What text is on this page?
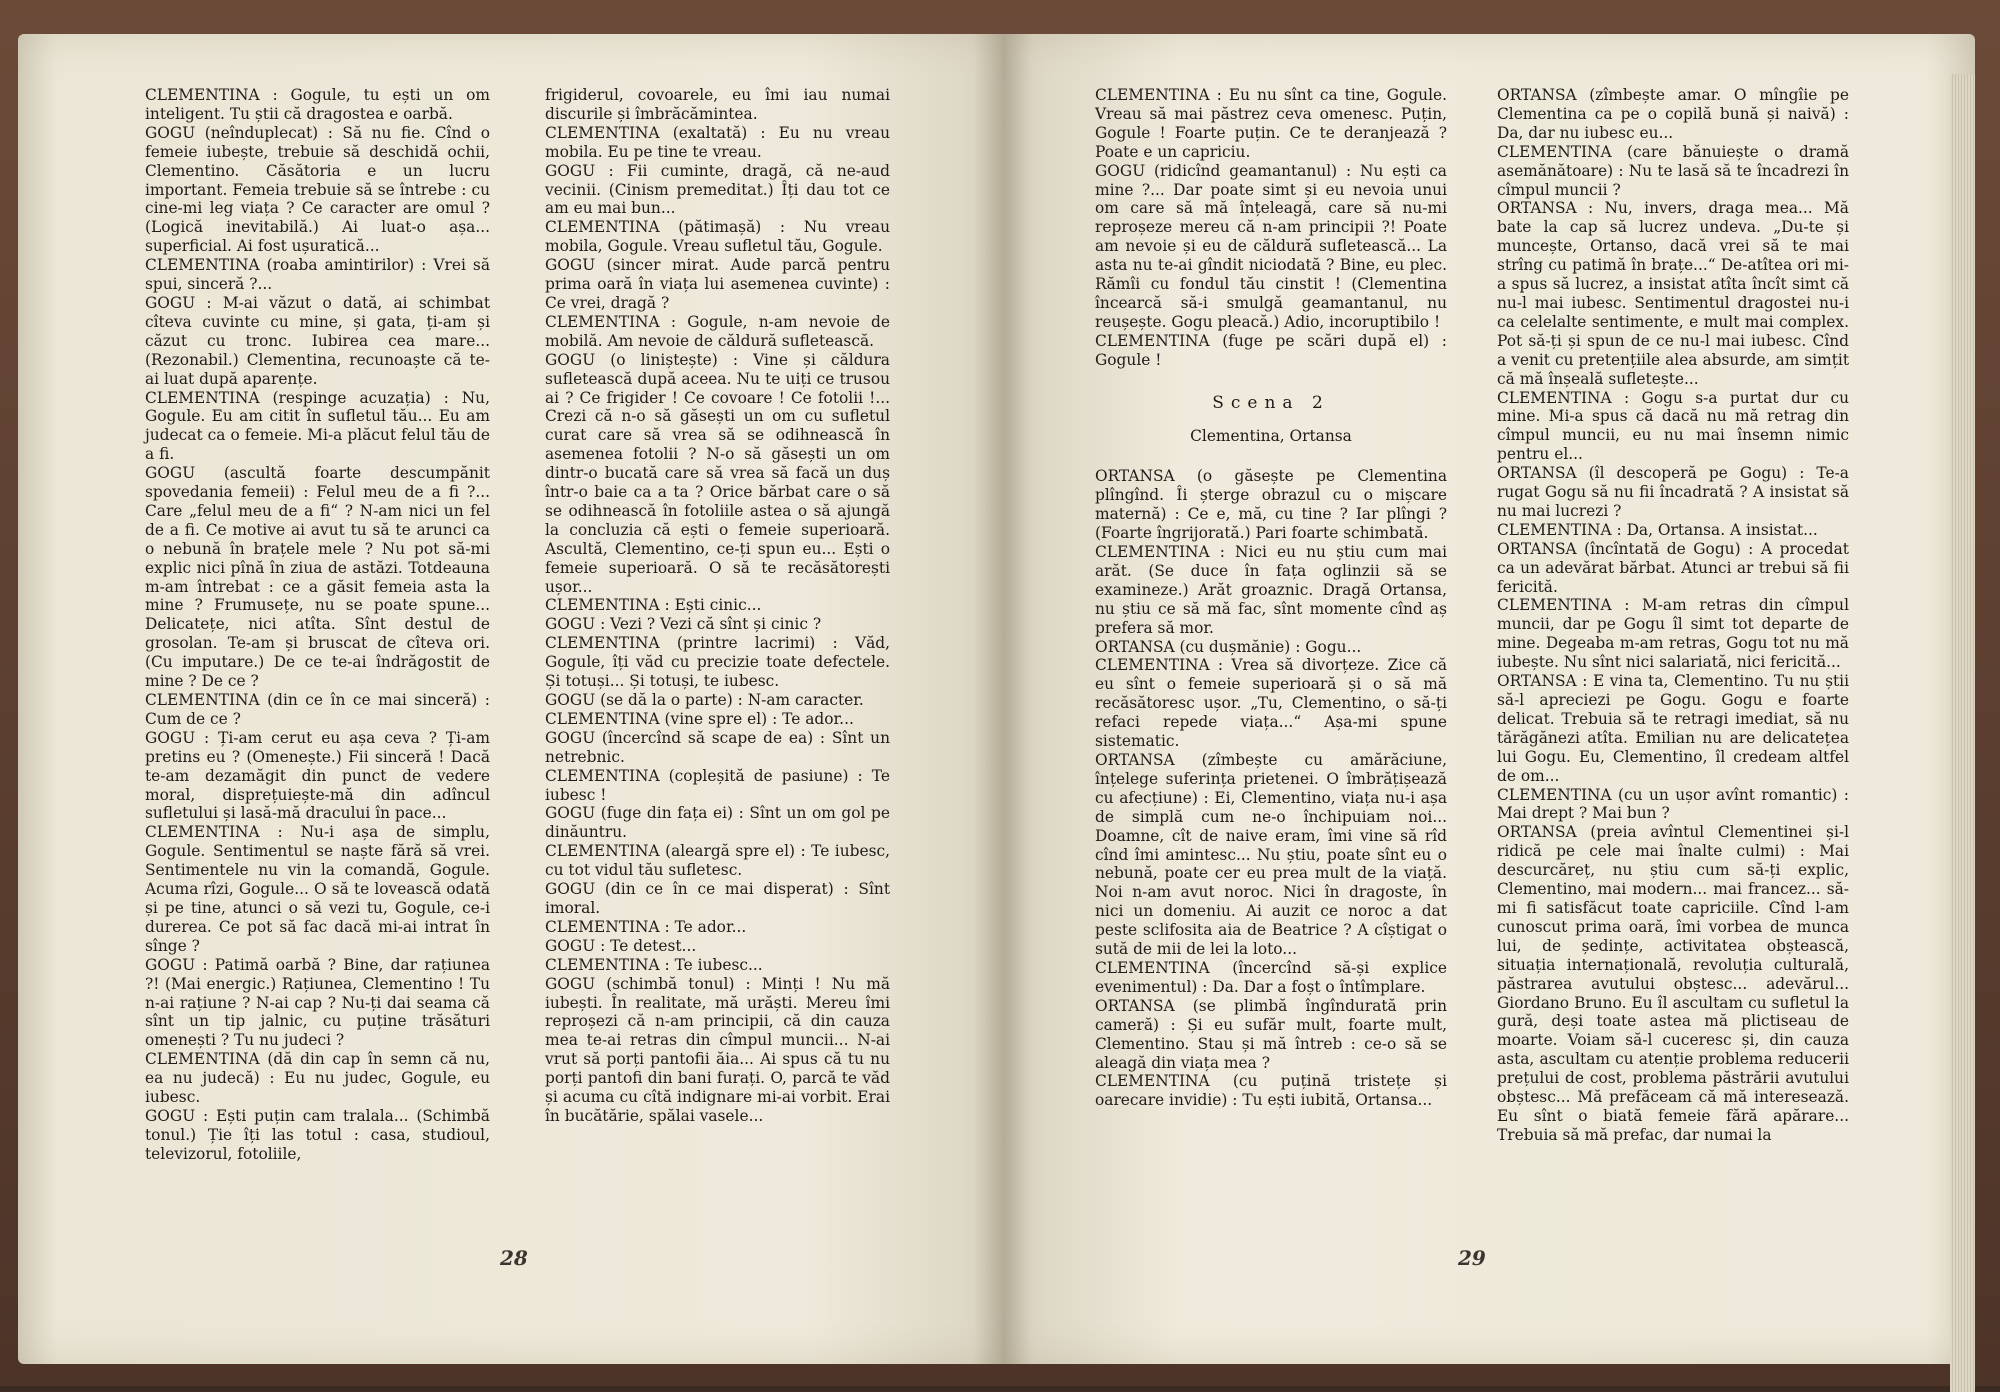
CLEMENTINA : Gogule, tu ești un om inteligent. Tu știi că dragostea e oarbă.

GOGU (neînduplecat) : Să nu fie. Cînd o femeie iubește, trebuie să deschidă ochii, Clementino. Căsătoria e un lucru important. Femeia trebuie să se întrebe : cu cine-mi leg viața ? Ce caracter are omul ? (Logică inevitabilă.) Ai luat-o așa... superficial. Ai fost ușuratică...

CLEMENTINA (roaba amintirilor) : Vrei să spui, sinceră ?...

GOGU : M-ai văzut o dată, ai schimbat cîteva cuvinte cu mine, și gata, ți-am și căzut cu tronc. Iubirea cea mare... (Rezonabil.) Clementina, recunoaște că te-ai luat după aparențe.

CLEMENTINA (respinge acuzația) : Nu, Gogule. Eu am citit în sufletul tău... Eu am judecat ca o femeie. Mi-a plăcut felul tău de a fi.

GOGU (ascultă foarte descumpănit spovedania femeii) : Felul meu de a fi ?... Care „felul meu de a fi“ ? N-am nici un fel de a fi. Ce motive ai avut tu să te arunci ca o nebună în brațele mele ? Nu pot să-mi explic nici pînă în ziua de astăzi. Totdeauna m-am întrebat : ce a găsit femeia asta la mine ? Frumusețe, nu se poate spune... Delicatețe, nici atîta. Sînt destul de grosolan. Te-am și bruscat de cîteva ori. (Cu imputare.) De ce te-ai îndrăgostit de mine ? De ce ?

CLEMENTINA (din ce în ce mai sinceră) : Cum de ce ?

GOGU : Ți-am cerut eu așa ceva ? Ți-am pretins eu ? (Omenește.) Fii sinceră ! Dacă te-am dezamăgit din punct de vedere moral, disprețuiește-mă din adîncul sufletului și lasă-mă dracului în pace...

CLEMENTINA : Nu-i așa de simplu, Gogule. Sentimentul se naște fără să vrei. Sentimentele nu vin la comandă, Gogule. Acuma rîzi, Gogule... O să te lovească odată și pe tine, atunci o să vezi tu, Gogule, ce-i durerea. Ce pot să fac dacă mi-ai intrat în sînge ?

GOGU : Patimă oarbă ? Bine, dar rațiunea ?! (Mai energic.) Rațiunea, Clementino ! Tu n-ai rațiune ? N-ai cap ? Nu-ți dai seama că sînt un tip jalnic, cu puține trăsături omenești ? Tu nu judeci ?

CLEMENTINA (dă din cap în semn că nu, ea nu judecă) : Eu nu judec, Gogule, eu iubesc.

GOGU : Ești puțin cam tralala... (Schimbă tonul.) Ție îți las totul : casa, studioul, televizorul, fotoliile,

frigiderul, covoarele, eu îmi iau numai discurile și îmbrăcămintea.

CLEMENTINA (exaltată) : Eu nu vreau mobila. Eu pe tine te vreau.

GOGU : Fii cuminte, dragă, că ne-aud vecinii. (Cinism premeditat.) Îți dau tot ce am eu mai bun...

CLEMENTINA (pătimașă) : Nu vreau mobila, Gogule. Vreau sufletul tău, Gogule.

GOGU (sincer mirat. Aude parcă pentru prima oară în viața lui asemenea cuvinte) : Ce vrei, dragă ?

CLEMENTINA : Gogule, n-am nevoie de mobilă. Am nevoie de căldură sufletească.

GOGU (o liniștește) : Vine și căldura sufletească după aceea. Nu te uiți ce trusou ai ? Ce frigider ! Ce covoare ! Ce fotolii !... Crezi că n-o să găsești un om cu sufletul curat care să vrea să se odihnească în asemenea fotolii ? N-o să găsești un om dintr-o bucată care să vrea să facă un duș într-o baie ca a ta ? Orice bărbat care o să se odihnească în fotoliile astea o să ajungă la concluzia că ești o femeie superioară. Ascultă, Clementino, ce-ți spun eu... Ești o femeie superioară. O să te recăsătorești ușor...

CLEMENTINA : Ești cinic...

GOGU : Vezi ? Vezi că sînt și cinic ?

CLEMENTINA (printre lacrimi) : Văd, Gogule, îți văd cu precizie toate defectele. Și totuși... Și totuși, te iubesc.

GOGU (se dă la o parte) : N-am caracter.

CLEMENTINA (vine spre el) : Te ador...

GOGU (încercînd să scape de ea) : Sînt un netrebnic.

CLEMENTINA (copleșită de pasiune) : Te iubesc !

GOGU (fuge din fața ei) : Sînt un om gol pe dinăuntru.

CLEMENTINA (aleargă spre el) : Te iubesc, cu tot vidul tău sufletesc.

GOGU (din ce în ce mai disperat) : Sînt imoral.

CLEMENTINA : Te ador...

GOGU : Te detest...

CLEMENTINA : Te iubesc...

GOGU (schimbă tonul) : Minți ! Nu mă iubești. În realitate, mă urăști. Mereu îmi reproșezi că n-am principii, că din cauza mea te-ai retras din cîmpul muncii... N-ai vrut să porți pantofii ăia... Ai spus că tu nu porți pantofi din bani furați. O, parcă te văd și acuma cu cîtă indignare mi-ai vorbit. Erai în bucătărie, spălai vasele...

CLEMENTINA : Eu nu sînt ca tine, Gogule. Vreau să mai păstrez ceva omenesc. Puțin, Gogule ! Foarte puțin. Ce te deranjează ? Poate e un capriciu.

GOGU (ridicînd geamantanul) : Nu ești ca mine ?... Dar poate simt și eu nevoia unui om care să mă înțeleagă, care să nu-mi reproșeze mereu că n-am principii ?! Poate am nevoie și eu de căldură sufletească... La asta nu te-ai gîndit niciodată ? Bine, eu plec. Rămîi cu fondul tău cinstit ! (Clementina încearcă să-i smulgă geamantanul, nu reușește. Gogu pleacă.) Adio, incoruptibilo !

CLEMENTINA (fuge pe scări după el) : Gogule !

Scena 2
Clementina, Ortansa

ORTANSA (o găsește pe Clementina plîngînd. Îi șterge obrazul cu o mișcare maternă) : Ce e, mă, cu tine ? Iar plîngi ? (Foarte îngrijorată.) Pari foarte schimbată.

CLEMENTINA : Nici eu nu știu cum mai arăt. (Se duce în fața oglinzii să se examineze.) Arăt groaznic. Dragă Ortansa, nu știu ce să mă fac, sînt momente cînd aș prefera să mor.

ORTANSA (cu dușmănie) : Gogu...

CLEMENTINA : Vrea să divorțeze. Zice că eu sînt o femeie superioară și o să mă recăsătoresc ușor. „Tu, Clementino, o să-ți refaci repede viața...“ Așa-mi spune sistematic.

ORTANSA (zîmbește cu amărăciune, înțelege suferința prietenei. O îmbrățișează cu afecțiune) : Ei, Clementino, viața nu-i așa de simplă cum ne-o închipuiam noi... Doamne, cît de naive eram, îmi vine să rîd cînd îmi amintesc... Nu știu, poate sînt eu o nebună, poate cer eu prea mult de la viață. Noi n-am avut noroc. Nici în dragoste, în nici un domeniu. Ai auzit ce noroc a dat peste sclifosita aia de Beatrice ? A cîștigat o sută de mii de lei la loto...

CLEMENTINA (încercînd să-și explice evenimentul) : Da. Dar a foșt o întîmplare.

ORTANSA (se plimbă îngîndurată prin cameră) : Și eu sufăr mult, foarte mult, Clementino. Stau și mă întreb : ce-o să se aleagă din viața mea ?

CLEMENTINA (cu puțină tristețe și oarecare invidie) : Tu ești iubită, Ortansa...

ORTANSA (zîmbește amar. O mîngîie pe Clementina ca pe o copilă bună și naivă) : Da, dar nu iubesc eu...

CLEMENTINA (care bănuiește o dramă asemănătoare) : Nu te lasă să te încadrezi în cîmpul muncii ?

ORTANSA : Nu, invers, draga mea... Mă bate la cap să lucrez undeva. „Du-te și muncește, Ortanso, dacă vrei să te mai strîng cu patimă în brațe...“ De-atîtea ori mi-a spus să lucrez, a insistat atîta încît simt că nu-l mai iubesc. Sentimentul dragostei nu-i ca celelalte sentimente, e mult mai complex. Pot să-ți și spun de ce nu-l mai iubesc. Cînd a venit cu pretențiile alea absurde, am simțit că mă înșeală sufletește...

CLEMENTINA : Gogu s-a purtat dur cu mine. Mi-a spus că dacă nu mă retrag din cîmpul muncii, eu nu mai însemn nimic pentru el...

ORTANSA (îl descoperă pe Gogu) : Te-a rugat Gogu să nu fii încadrată ? A insistat să nu mai lucrezi ?

CLEMENTINA : Da, Ortansa. A insistat...

ORTANSA (încîntată de Gogu) : A procedat ca un adevărat bărbat. Atunci ar trebui să fii fericită.

CLEMENTINA : M-am retras din cîmpul muncii, dar pe Gogu îl simt tot departe de mine. Degeaba m-am retras, Gogu tot nu mă iubește. Nu sînt nici salariată, nici fericită...

ORTANSA : E vina ta, Clementino. Tu nu știi să-l apreciezi pe Gogu. Gogu e foarte delicat. Trebuia să te retragi imediat, să nu tărăgănezi atîta. Emilian nu are delicatețea lui Gogu. Eu, Clementino, îl credeam altfel de om...

CLEMENTINA (cu un ușor avînt romantic) : Mai drept ? Mai bun ?

ORTANSA (preia avîntul Clementinei și-l ridică pe cele mai înalte culmi) : Mai descurcăreț, nu știu cum să-ți explic, Clementino, mai modern... mai francez... să-mi fi satisfăcut toate capriciile. Cînd l-am cunoscut prima oară, îmi vorbea de munca lui, de ședințe, activitatea obștească, situația internațională, revoluția culturală, păstrarea avutului obștesc... adevărul... Giordano Bruno. Eu îl ascultam cu sufletul la gură, deși toate astea mă plictiseau de moarte. Voiam să-l cuceresc și, din cauza asta, ascultam cu atenție problema reducerii prețului de cost, problema păstrării avutului obștesc... Mă prefăceam că mă interesează. Eu sînt o biată femeie fără apărare... Trebuia să mă prefac, dar numai la

28	29
